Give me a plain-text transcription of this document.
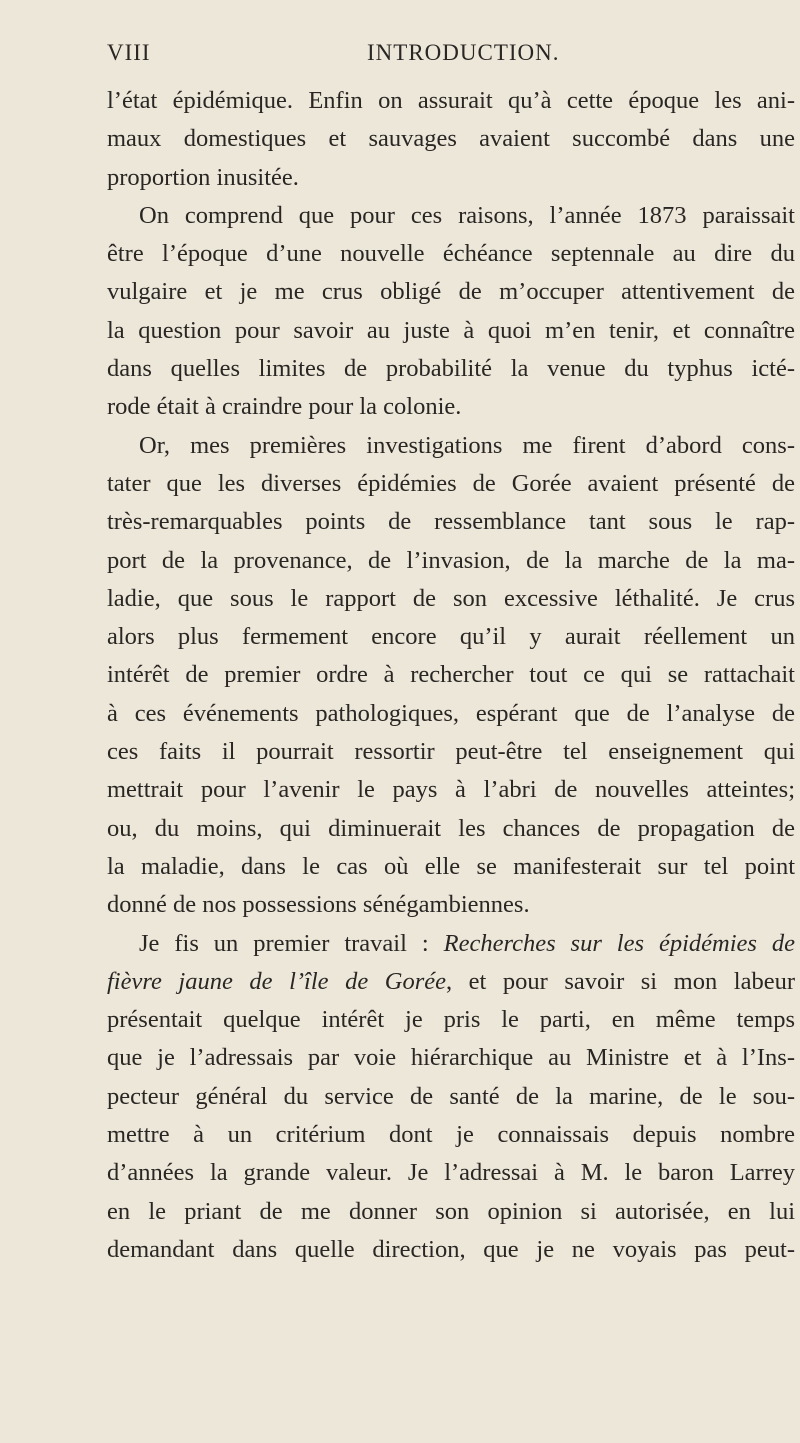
VIII	INTRODUCTION.
l’état épidémique. Enfin on assurait qu’à cette époque les ani-
maux domestiques et sauvages avaient succombé dans une
proportion inusitée.
On comprend que pour ces raisons, l’année 1873 paraissait
être l’époque d’une nouvelle échéance septennale au dire du
vulgaire et je me crus obligé de m’occuper attentivement de
la question pour savoir au juste à quoi m’en tenir, et connaître
dans quelles limites de probabilité la venue du typhus icté-
rode était à craindre pour la colonie.
Or, mes premières investigations me firent d’abord cons-
tater que les diverses épidémies de Gorée avaient présenté de
très-remarquables points de ressemblance tant sous le rap-
port de la provenance, de l’invasion, de la marche de la ma-
ladie, que sous le rapport de son excessive léthalité. Je crus
alors plus fermement encore qu’il y aurait réellement un
intérêt de premier ordre à rechercher tout ce qui se rattachait
à ces événements pathologiques, espérant que de l’analyse de
ces faits il pourrait ressortir peut-être tel enseignement qui
mettrait pour l’avenir le pays à l’abri de nouvelles atteintes;
ou, du moins, qui diminuerait les chances de propagation de
la maladie, dans le cas où elle se manifesterait sur tel point
donné de nos possessions sénégambiennes.
Je fis un premier travail : Recherches sur les épidémies de
fièvre jaune de l’île de Gorée, et pour savoir si mon labeur
présentait quelque intérêt je pris le parti, en même temps
que je l’adressais par voie hiérarchique au Ministre et à l’Ins-
pecteur général du service de santé de la marine, de le sou-
mettre à un critérium dont je connaissais depuis nombre
d’années la grande valeur. Je l’adressai à M. le baron Larrey
en le priant de me donner son opinion si autorisée, en lui
demandant dans quelle direction, que je ne voyais pas peut-
